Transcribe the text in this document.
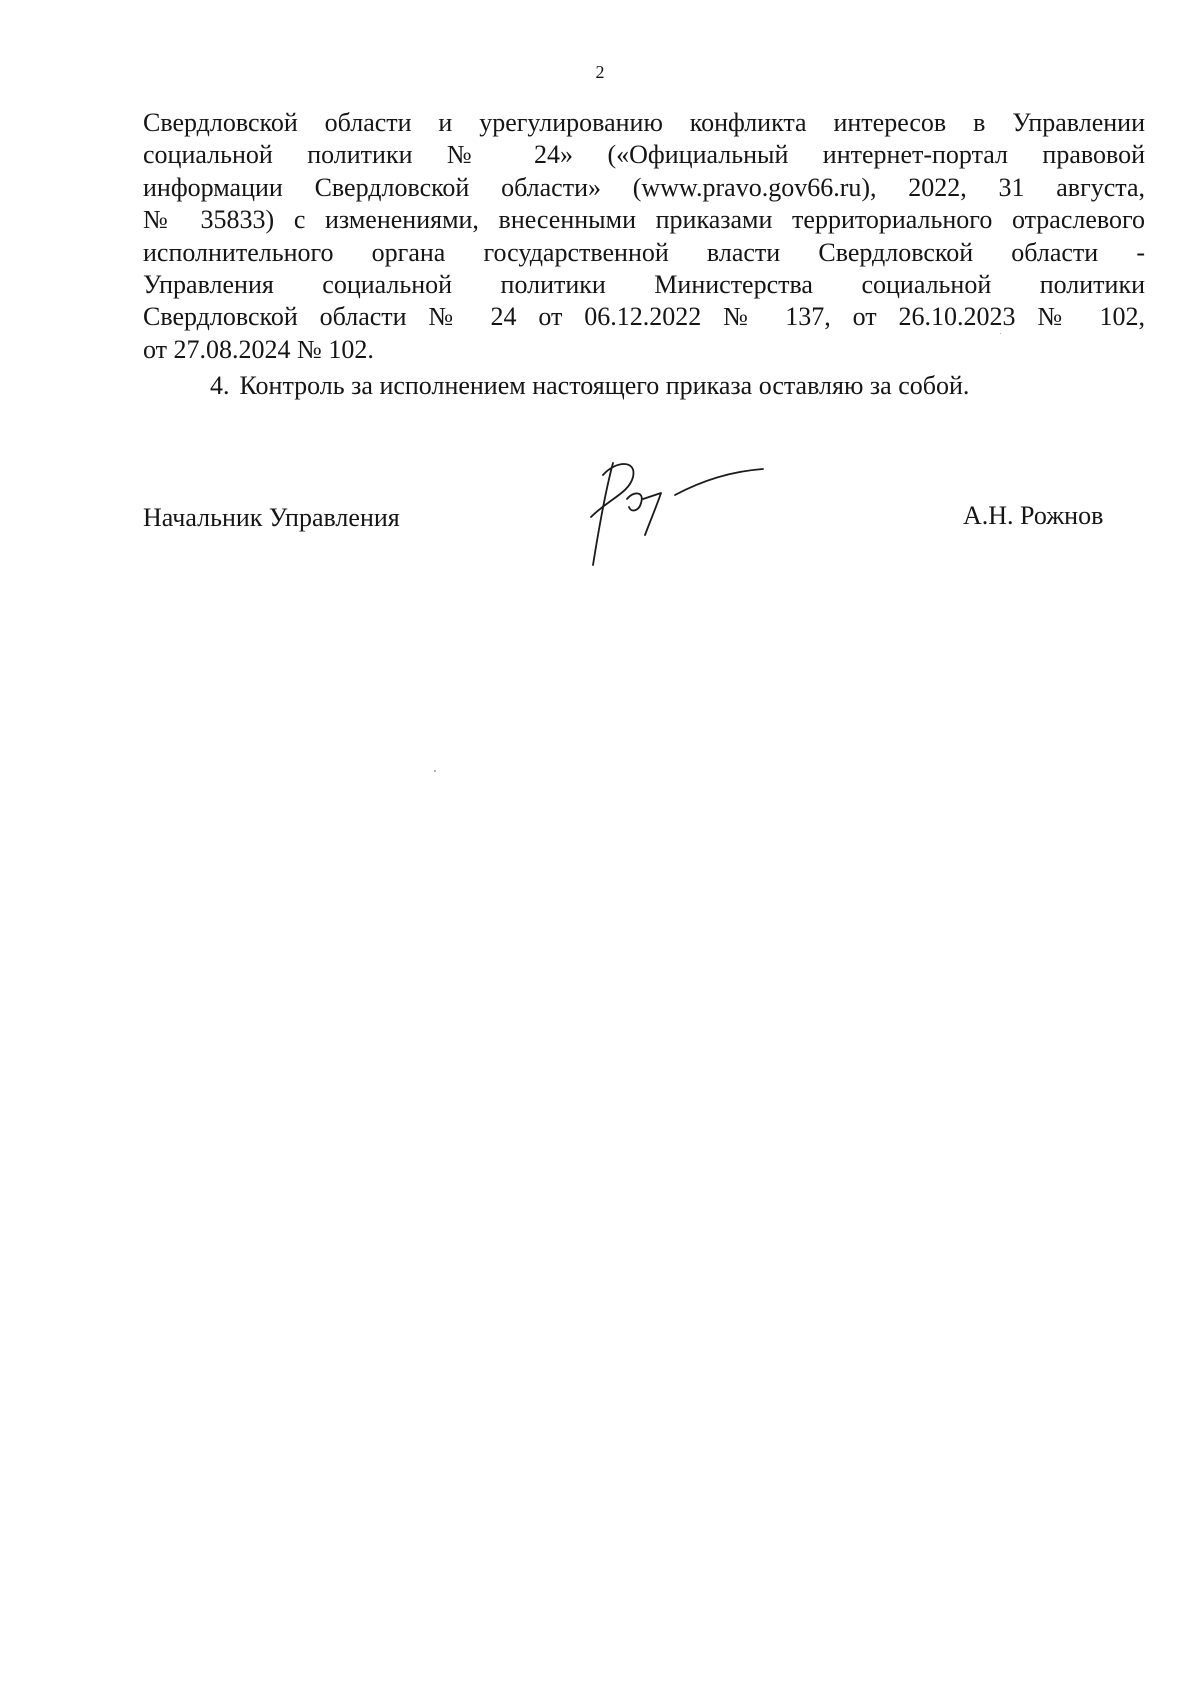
2
Свердловской области и урегулированию конфликта интересов в Управлении
социальной политики № 24» («Официальный интернет-портал правовой
информации Свердловской области» (www.pravo.gov66.ru), 2022, 31 августа,
№ 35833) с изменениями, внесенными приказами территориального отраслевого
исполнительного органа государственной власти Свердловской области -
Управления социальной политики Министерства социальной политики
Свердловской области № 24 от 06.12.2022 № 137, от 26.10.2023 № 102,
от 27.08.2024 № 102.
4. Контроль за исполнением настоящего приказа оставляю за собой.
Начальник Управления	А.Н. Рожнов
